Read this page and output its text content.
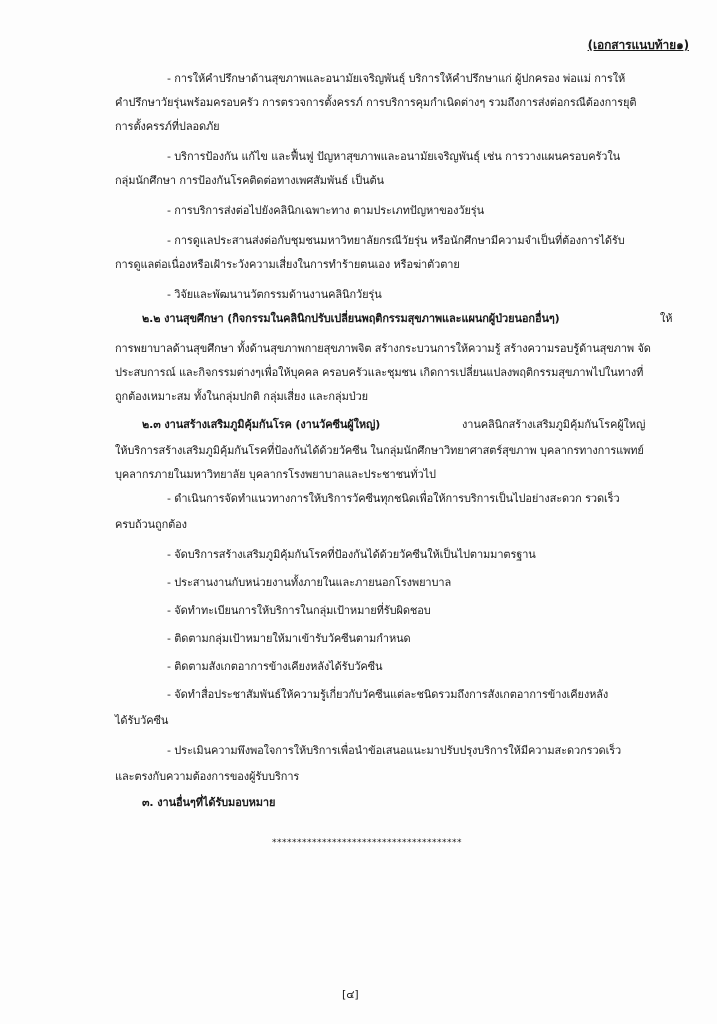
(เอกสารแนบท้าย๑)
- การให้คำปรึกษาด้านสุขภาพและอนามัยเจริญพันธุ์ บริการให้คำปรึกษาแก่ ผู้ปกครอง พ่อแม่ การให้
คำปรึกษาวัยรุ่นพร้อมครอบครัว การตรวจการตั้งครรภ์ การบริการคุมกำเนิดต่างๆ รวมถึงการส่งต่อกรณีต้องการยุติ
การตั้งครรภ์ที่ปลอดภัย
- บริการป้องกัน แก้ไข และฟื้นฟู ปัญหาสุขภาพและอนามัยเจริญพันธุ์ เช่น การวางแผนครอบครัวใน
กลุ่มนักศึกษา การป้องกันโรคติดต่อทางเพศสัมพันธ์ เป็นต้น
- การบริการส่งต่อไปยังคลินิกเฉพาะทาง ตามประเภทปัญหาของวัยรุ่น
- การดูแลประสานส่งต่อกับชุมชนมหาวิทยาลัยกรณีวัยรุ่น หรือนักศึกษามีความจำเป็นที่ต้องการได้รับ
การดูแลต่อเนื่องหรือเฝ้าระวังความเสี่ยงในการทำร้ายตนเอง หรือฆ่าตัวตาย
- วิจัยและพัฒนานวัตกรรมด้านงานคลินิกวัยรุ่น
๒.๒ งานสุขศึกษา (กิจกรรมในคลินิกปรับเปลี่ยนพฤติกรรมสุขภาพและแผนกผู้ป่วยนอกอื่นๆ)	ให้
การพยาบาลด้านสุขศึกษา ทั้งด้านสุขภาพกายสุขภาพจิต สร้างกระบวนการให้ความรู้ สร้างความรอบรู้ด้านสุขภาพ จัด
ประสบการณ์ และกิจกรรมต่างๆเพื่อให้บุคคล ครอบครัวและชุมชน เกิดการเปลี่ยนแปลงพฤติกรรมสุขภาพไปในทางที่
ถูกต้องเหมาะสม ทั้งในกลุ่มปกติ กลุ่มเสี่ยง และกลุ่มป่วย
๒.๓ งานสร้างเสริมภูมิคุ้มกันโรค (งานวัคซีนผู้ใหญ่)	งานคลินิกสร้างเสริมภูมิคุ้มกันโรคผู้ใหญ่
ให้บริการสร้างเสริมภูมิคุ้มกันโรคที่ป้องกันได้ด้วยวัคซีน ในกลุ่มนักศึกษาวิทยาศาสตร์สุขภาพ บุคลากรทางการแพทย์
บุคลากรภายในมหาวิทยาลัย บุคลากรโรงพยาบาลและประชาชนทั่วไป
- ดำเนินการจัดทำแนวทางการให้บริการวัคซีนทุกชนิดเพื่อให้การบริการเป็นไปอย่างสะดวก รวดเร็ว
ครบถ้วนถูกต้อง
- จัดบริการสร้างเสริมภูมิคุ้มกันโรคที่ป้องกันได้ด้วยวัคซีนให้เป็นไปตามมาตรฐาน
- ประสานงานกับหน่วยงานทั้งภายในและภายนอกโรงพยาบาล
- จัดทำทะเบียนการให้บริการในกลุ่มเป้าหมายที่รับผิดชอบ
- ติดตามกลุ่มเป้าหมายให้มาเข้ารับวัคซีนตามกำหนด
- ติดตามสังเกตอาการข้างเคียงหลังได้รับวัคซีน
- จัดทำสื่อประชาสัมพันธ์ให้ความรู้เกี่ยวกับวัคซีนแต่ละชนิดรวมถึงการสังเกตอาการข้างเคียงหลัง
ได้รับวัคซีน
- ประเมินความพึงพอใจการให้บริการเพื่อนำข้อเสนอแนะมาปรับปรุงบริการให้มีความสะดวกรวดเร็ว
และตรงกับความต้องการของผู้รับบริการ
๓. งานอื่นๆที่ได้รับมอบหมาย
**************************************
[๔]
